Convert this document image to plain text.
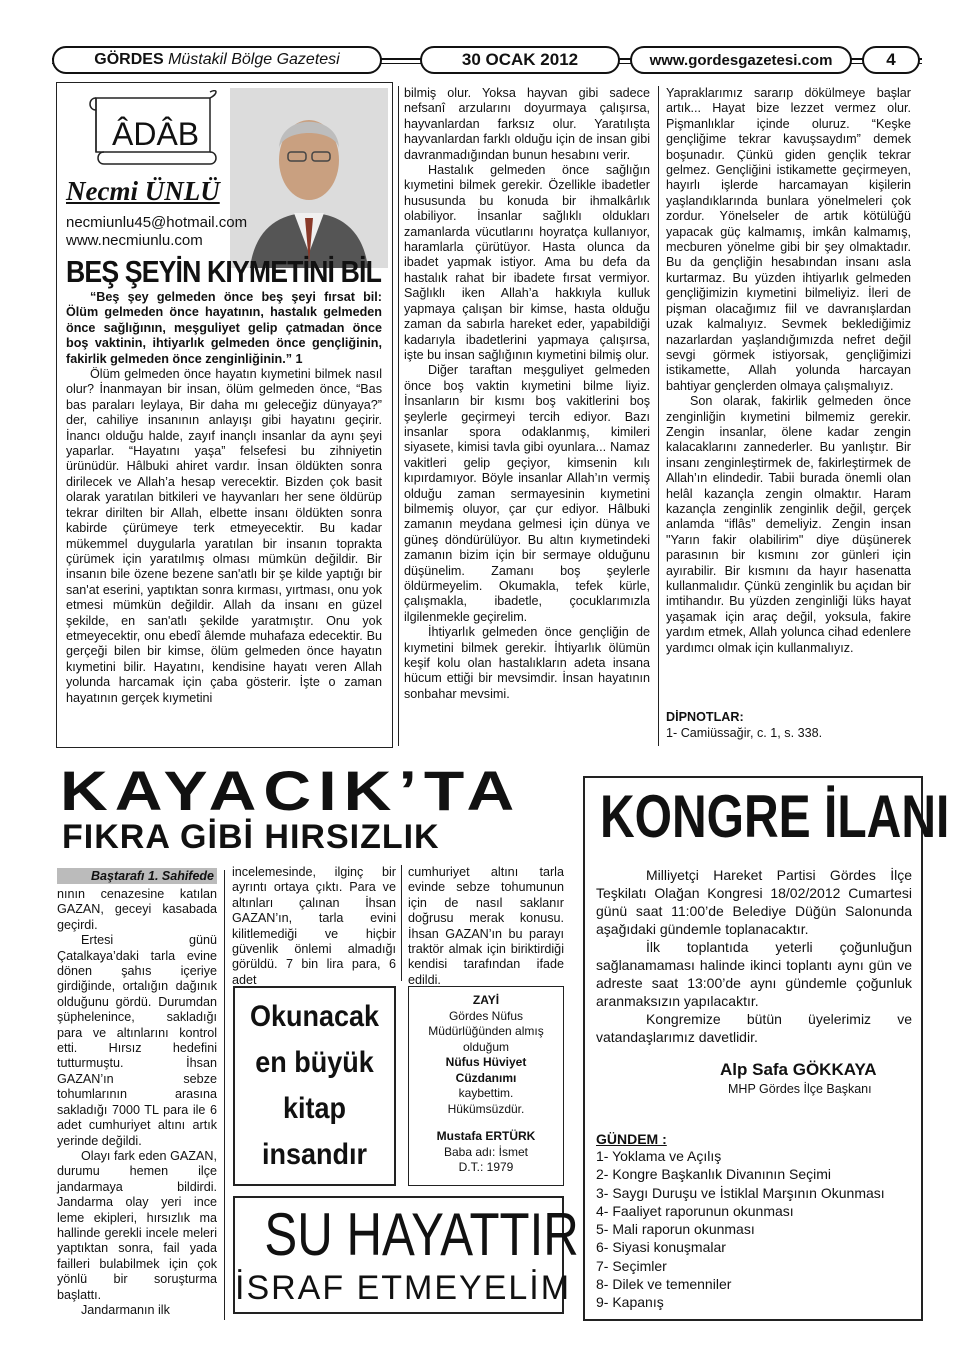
GÖRDES
Müstakil Bölge Gazetesi	30 OCAK 2012	www.gordesgazetesi.com	4
ÂDÂB
Necmi ÜNLÜ
necmiunlu45@hotmail.com
www.necmiunlu.com
BEŞ ŞEYİN KIYMETİNİ BİL

“Beş şey gelmeden önce beş şeyi fırsat bil: Ölüm gelmeden önce hayatının, hastalık gelmeden önce sağlığının, meşguliyet gelip çatmadan önce boş vaktinin, ihtiyarlık gelmeden önce gençliğinin, fakirlik gelmeden önce zenginliğinin.” 1

Ölüm gelmeden önce hayatın kıymetini bilmek nasıl olur? İnanmayan bir insan, ölüm gelmeden önce, “Bas bas paraları leylaya, Bir daha mı geleceğiz dünyaya?” der, cahiliye insanının anlayışı gibi hayatını geçirir. İnancı olduğu halde, zayıf inançlı insanlar da aynı şeyi yaparlar. “Hayatını yaşa” felsefesi bu zihniyetin ürünüdür. Hâlbuki ahiret vardır. İnsan öldükten sonra dirilecek ve Allah’a hesap verecektir. Bizden çok basit olarak yaratılan bitkileri ve hayvanları her sene öldürüp tekrar dirilten bir Allah, elbette insanı öldükten sonra kabirde çürümeye terk etmeyecektir. Bu kadar mükemmel duygularla yaratılan bir insanın toprakta çürümek için yaratılmış olması mümkün değildir. Bir insanın bile özene bezene san'atlı bir şe kilde yaptığı bir san'at eserini, yaptıktan sonra kırması, yırtması, onu yok etmesi mümkün değildir. Allah da insanı en güzel şekilde, en san'atlı şekilde yaratmıştır. Onu yok etmeyecektir, onu ebedî âlemde muhafaza edecektir. Bu gerçeği bilen bir kimse, ölüm gelmeden önce hayatın kıymetini bilir. Hayatını, kendisine hayatı veren Allah yolunda harcamak için çaba gösterir. İşte o zaman hayatının gerçek kıymetini

bilmiş olur. Yoksa hayvan gibi sadece nefsanî arzularını doyurmaya çalışırsa, hayvanlardan farksız olur. Yaratılışta hayvanlardan farklı olduğu için de insan gibi davranmadığından bunun hesabını verir.

Hastalık gelmeden önce sağlığın kıymetini bilmek gerekir. Özellikle ibadetler hususunda bu konuda bir ihmalkârlık olabiliyor. İnsanlar sağlıklı oldukları zamanlarda vücutlarını hoyratça kullanıyor, haramlarla çürütüyor. Hasta olunca da ibadet yapmak istiyor. Ama bu defa da hastalık rahat bir ibadete fırsat vermiyor. Sağlıklı iken Allah’a hakkıyla kulluk yapmaya çalışan bir kimse, hasta olduğu zaman da sabırla hareket eder, yapabildiği kadarıyla ibadetlerini yapmaya çalışırsa, işte bu insan sağlığının kıymetini bilmiş olur.

Diğer taraftan meşguliyet gelmeden önce boş vaktin kıymetini bilme liyiz. İnsanların bir kısmı boş vakitlerini boş şeylerle geçirmeyi tercih ediyor. Bazı insanlar spora odaklanmış, kimileri siyasete, kimisi tavla gibi oyunlara... Namaz vakitleri gelip geçiyor, kimsenin kılı kıpırdamıyor. Böyle insanlar Allah’ın vermiş olduğu zaman sermayesinin kıymetini bilmemiş oluyor, çar çur ediyor. Hâlbuki zamanın meydana gelmesi için dünya ve güneş döndürülüyor. Bu altın kıymetindeki zamanın bizim için bir sermaye olduğunu düşünelim. Zamanı boş şeylerle öldürmeyelim. Okumakla, tefek kürle, çalışmakla, ibadetle, çocuklarımızla ilgilenmekle geçirelim.

İhtiyarlık gelmeden önce gençliğin de kıymetini bilmek gerekir. İhtiyarlık ölümün keşif kolu olan hastalıkların adeta insana hücum ettiği bir mevsimdir. İnsan hayatının sonbahar mevsimi.

Yapraklarımız sararıp dökülmeye başlar artık... Hayat bize lezzet vermez olur. Pişmanlıklar içinde oluruz. “Keşke gençliğime tekrar kavuşsaydım” demek boşunadır. Çünkü giden gençlik tekrar gelmez. Gençliğini istikamette geçirmeyen, hayırlı işlerde harcamayan kişilerin yaşlandıklarında bunlara yönelmeleri çok zordur. Yönelseler de artık kötülüğü yapacak güç kalmamış, imkân kalmamış, mecburen yönelme gibi bir şey olmaktadır. Bu da gençliğin hesabından insanı asla kurtarmaz. Bu yüzden ihtiyarlık gelmeden gençliğimizin kıymetini bilmeliyiz. İleri de pişman olacağımız fiil ve davranışlardan uzak kalmalıyız. Sevmek beklediğimiz nazarlardan yaşlandığımızda nefret değil sevgi görmek istiyorsak, gençliğimizi istikamette, Allah yolunda harcayan bahtiyar gençlerden olmaya çalışmalıyız.

Son olarak, fakirlik gelmeden önce zenginliğin kıymetini bilmemiz gerekir. Zengin insanlar, ölene kadar zengin kalacaklarını zannederler. Bu yanlıştır. Bir insanı zenginleştirmek de, fakirleştirmek de Allah’ın elindedir. Tabii burada önemli olan helâl kazançla zengin olmaktır. Haram kazançla zenginlik zenginlik değil, gerçek anlamda “iflâs” demeliyiz. Zengin insan "Yarın fakir olabilirim" diye düşünerek parasının bir kısmını zor günleri için ayırabilir. Bir kısmını da hayır hasenatta kullanmalıdır. Çünkü zenginlik bu açıdan bir imtihandır. Bu yüzden zenginliği lüks hayat yaşamak için araç değil, yoksula, fakire yardım etmek, Allah yolunca cihad edenlere yardımcı olmak için kullanmalıyız.

DİPNOTLAR:
1- Camiüssağir, c. 1, s. 338.
KAYACIK’TA
FIKRA GİBİ HIRSIZLIK
Baştarafı 1. Sahifede

nının cenazesine katılan GAZAN, geceyi kasabada geçirdi.

Ertesi günü Çatalkaya’daki tarla evine dönen şahıs içeriye girdiğinde, ortalığın dağınık olduğunu gördü. Durumdan şüphelenince, sakladığı para ve altınlarını kontrol etti. Hırsız hedefini tutturmuştu. İhsan GAZAN’ın sebze tohumlarının arasına sakladığı 7000 TL para ile 6 adet cumhuriyet altını artık yerinde değildi.

Olayı fark eden GAZAN, durumu hemen ilçe jandarmaya bildirdi. Jandarma olay yeri ince leme ekipleri, hırsızlık ma hallinde gerekli incele meleri yaptıktan sonra, fail yada failleri bulabilmek için çok yönlü bir soruşturma başlattı.

Jandarmanın ilk

incelemesinde, ilginç bir ayrıntı ortaya çıktı. Para ve altınları çalınan İhsan GAZAN’ın, tarla evini kilitlemediği ve hiçbir güvenlik önlemi almadığı görüldü. 7 bin lira para, 6 adet

cumhuriyet altını tarla evinde sebze tohumunun için de nasıl saklanır doğrusu merak konusu. İhsan GAZAN’ın bu parayı traktör almak için biriktirdiği kendisi tarafından ifade edildi.

Okunacak
en büyük
kitap
insandır
ZAYİ
Gördes Nüfus
Müdürlüğünden almış
olduğum
Nüfus Hüviyet
Cüzdanımı
kaybettim.
Hükümsüzdür.
Mustafa ERTÜRK
Baba adı: İsmet
D.T.: 1979
SU HAYATTIR
İSRAF ETMEYELİM
KONGRE İLANI

Milliyetçi Hareket Partisi Gördes İlçe Teşkilatı Olağan Kongresi 18/02/2012 Cumartesi günü saat 11:00’de Belediye Düğün Salonunda aşağıdaki gündemle toplanacaktır.

İlk toplantıda yeterli çoğunluğun sağlanamaması halinde ikinci toplantı aynı gün ve adreste saat 13:00’de aynı gündemle çoğunluk aranmaksızın yapılacaktır.

Kongremize bütün üyelerimiz ve vatandaşlarımız davetlidir.

Alp Safa GÖKKAYA
MHP Gördes İlçe Başkanı
GÜNDEM :
1- Yoklama ve Açılış
2- Kongre Başkanlık Divanının Seçimi
3- Saygı Duruşu ve İstiklal Marşının Okunması
4- Faaliyet raporunun okunması
5- Mali raporun okunması
6- Siyasi konuşmalar
7- Seçimler
8- Dilek ve temenniler
9- Kapanış
